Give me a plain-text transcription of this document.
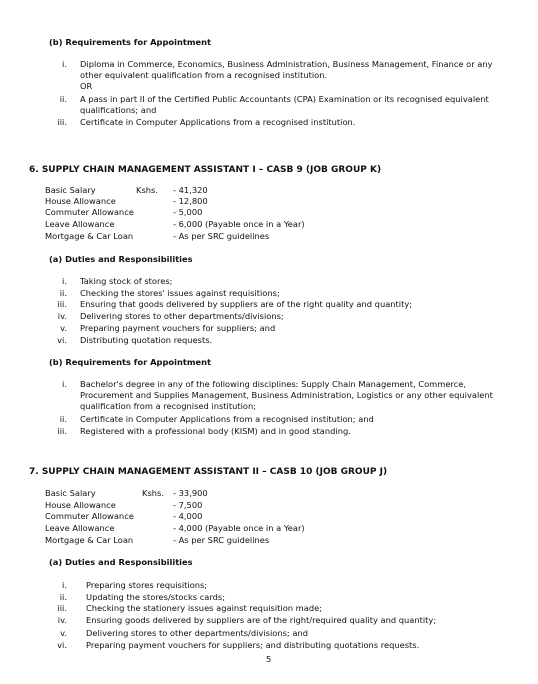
(b) Requirements for Appointment
i. Diploma in Commerce, Economics, Business Administration, Business Management, Finance or any
other equivalent qualification from a recognised institution.
OR
ii. A pass in part II of the Certified Public Accountants (CPA) Examination or its recognised equivalent
qualifications; and
iii. Certificate in Computer Applications from a recognised institution.
6. SUPPLY CHAIN MANAGEMENT ASSISTANT I – CASB 9 (JOB GROUP K)
Basic Salary	Kshs. - 41,320
House Allowance	- 12,800
Commuter Allowance	- 5,000
Leave Allowance	- 6,000 (Payable once in a Year)
Mortgage & Car Loan	- As per SRC guidelines
(a) Duties and Responsibilities
i. Taking stock of stores;
ii. Checking the stores' issues against requisitions;
iii. Ensuring that goods delivered by suppliers are of the right quality and quantity;
iv. Delivering stores to other departments/divisions;
v. Preparing payment vouchers for suppliers; and
vi. Distributing quotation requests.
(b) Requirements for Appointment
i. Bachelor's degree in any of the following disciplines: Supply Chain Management, Commerce,
Procurement and Supplies Management, Business Administration, Logistics or any other equivalent
qualification from a recognised institution;
ii. Certificate in Computer Applications from a recognised institution; and
iii. Registered with a professional body (KISM) and in good standing.
7. SUPPLY CHAIN MANAGEMENT ASSISTANT II – CASB 10 (JOB GROUP J)
Basic Salary	Kshs. - 33,900
House Allowance	- 7,500
Commuter Allowance	- 4,000
Leave Allowance	- 4,000 (Payable once in a Year)
Mortgage & Car Loan	- As per SRC guidelines
(a) Duties and Responsibilities
i. Preparing stores requisitions;
ii. Updating the stores/stocks cards;
iii. Checking the stationery issues against requisition made;
iv. Ensuring goods delivered by suppliers are of the right/required quality and quantity;
v. Delivering stores to other departments/divisions; and
vi. Preparing payment vouchers for suppliers; and distributing quotations requests.
5
